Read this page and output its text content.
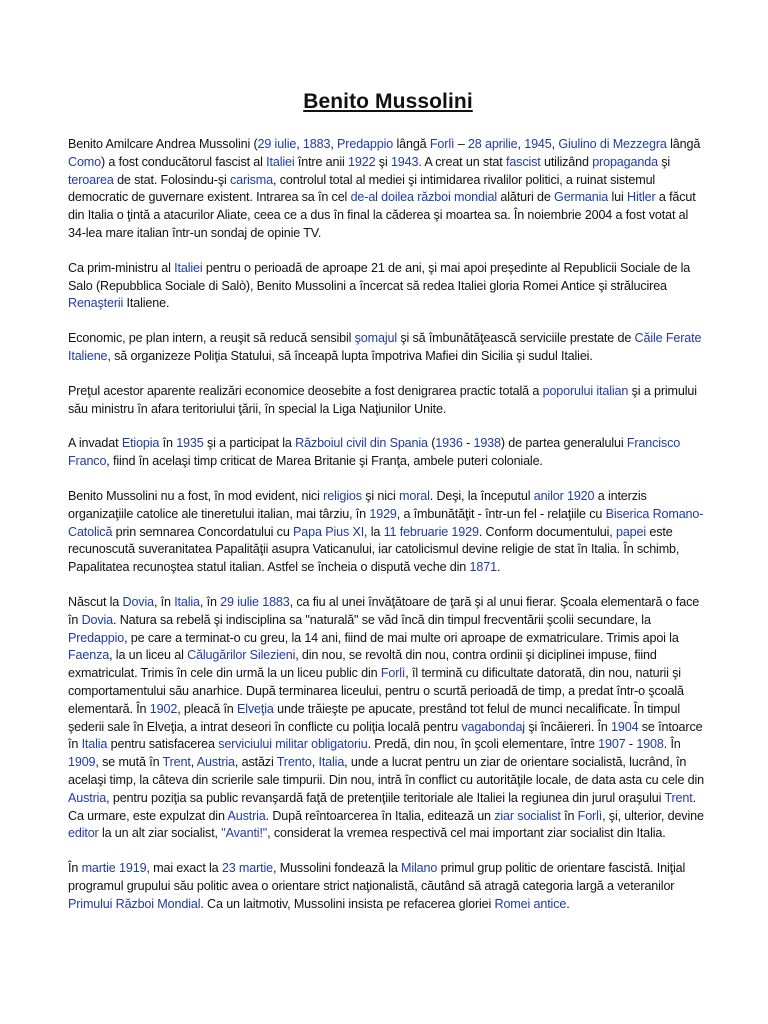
Benito Mussolini

Benito Amilcare Andrea Mussolini (29 iulie, 1883, Predappio lângă Forlì – 28 aprilie, 1945, Giulino di Mezzegra lângă Como) a fost conducătorul fascist al Italiei între anii 1922 şi 1943. A creat un stat fascist utilizând propaganda şi teroarea de stat. Folosindu-şi carisma, controlul total al mediei şi intimidarea rivalilor politici, a ruinat sistemul democratic de guvernare existent. Intrarea sa în cel de-al doilea război mondial alături de Germania lui Hitler a făcut din Italia o ţintă a atacurilor Aliate, ceea ce a dus în final la căderea şi moartea sa. În noiembrie 2004 a fost votat al 34-lea mare italian într-un sondaj de opinie TV.

Ca prim-ministru al Italiei pentru o perioadă de aproape 21 de ani, şi mai apoi preşedinte al Republicii Sociale de la Salo (Repubblica Sociale di Salò), Benito Mussolini a încercat să redea Italiei gloria Romei Antice şi strălucirea Renaşterii Italiene.

Economic, pe plan intern, a reuşit să reducă sensibil şomajul şi să îmbunătăţească serviciile prestate de Căile Ferate Italiene, să organizeze Poliţia Statului, să înceapă lupta împotriva Mafiei din Sicilia şi sudul Italiei.

Preţul acestor aparente realizări economice deosebite a fost denigrarea practic totală a poporului italian şi a primului său ministru în afara teritoriului ţării, în special la Liga Naţiunilor Unite.

A invadat Etiopia în 1935 şi a participat la Războiul civil din Spania (1936 - 1938) de partea generalului Francisco Franco, fiind în acelaşi timp criticat de Marea Britanie şi Franţa, ambele puteri coloniale.

Benito Mussolini nu a fost, în mod evident, nici religios şi nici moral. Deşi, la începutul anilor 1920 a interzis organizaţiile catolice ale tineretului italian, mai târziu, în 1929, a îmbunătăţit - într-un fel - relaţiile cu Biserica Romano-Catolică prin semnarea Concordatului cu Papa Pius XI, la 11 februarie 1929. Conform documentului, papei este recunoscută suveranitatea Papalităţii asupra Vaticanului, iar catolicismul devine religie de stat în Italia. În schimb, Papalitatea recunoştea statul italian. Astfel se încheia o dispută veche din 1871.

Născut la Dovia, în Italia, în 29 iulie 1883, ca fiu al unei învăţătoare de ţară şi al unui fierar. Şcoala elementară o face în Dovia. Natura sa rebelă şi indisciplina sa "naturală" se văd încă din timpul frecventării şcolii secundare, la Predappio, pe care a terminat-o cu greu, la 14 ani, fiind de mai multe ori aproape de exmatriculare. Trimis apoi la Faenza, la un liceu al Călugărilor Silezieni, din nou, se revoltă din nou, contra ordinii şi diciplinei impuse, fiind exmatriculat. Trimis în cele din urmă la un liceu public din Forlì, îl termină cu dificultate datorată, din nou, naturii şi comportamentului său anarhice. După terminarea liceului, pentru o scurtă perioadă de timp, a predat într-o şcoală elementară. În 1902, pleacă în Elveţia unde trăieşte pe apucate, prestând tot felul de munci necalificate. În timpul şederii sale în Elveţia, a intrat deseori în conflicte cu poliţia locală pentru vagabondaj şi încăiereri. În 1904 se întoarce în Italia pentru satisfacerea serviciului militar obligatoriu. Predă, din nou, în şcoli elementare, între 1907 - 1908. În 1909, se mută în Trent, Austria, astăzi Trento, Italia, unde a lucrat pentru un ziar de orientare socialistă, lucrând, în acelaşi timp, la câteva din scrierile sale timpurii. Din nou, intră în conflict cu autorităţile locale, de data asta cu cele din Austria, pentru poziţia sa public revanşardă faţă de pretenţiile teritoriale ale Italiei la regiunea din jurul oraşului Trent. Ca urmare, este expulzat din Austria. După reîntoarcerea în Italia, editează un ziar socialist în Forlì, şi, ulterior, devine editor la un alt ziar socialist, "Avanti!", considerat la vremea respectivă cel mai important ziar socialist din Italia.

În martie 1919, mai exact la 23 martie, Mussolini fondează la Milano primul grup politic de orientare fascistă. Iniţial programul grupului său politic avea o orientare strict naţionalistă, căutând să atragă categoria largă a veteranilor Primului Război Mondial. Ca un laitmotiv, Mussolini insista pe refacerea gloriei Romei antice.
